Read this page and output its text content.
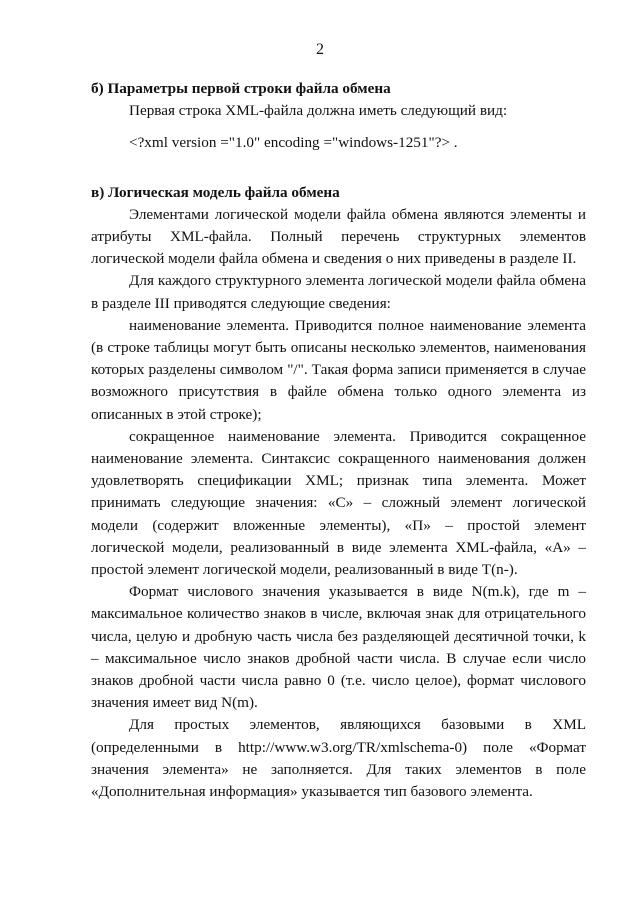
2

б) Параметры первой строки файла обмена

Первая строка XML-файла должна иметь следующий вид:

<?xml version ="1.0" encoding ="windows-1251"?> .

в) Логическая модель файла обмена

Элементами логической модели файла обмена являются элементы и атрибуты XML-файла. Полный перечень структурных элементов логической модели файла обмена и сведения о них приведены в разделе II.

Для каждого структурного элемента логической модели файла обмена в разделе III приводятся следующие сведения:

наименование элемента. Приводится полное наименование элемента (в строке таблицы могут быть описаны несколько элементов, наименования которых разделены символом "/". Такая форма записи применяется в случае возможного присутствия в файле обмена только одного элемента из описанных в этой строке);

сокращенное наименование элемента. Приводится сокращенное наименование элемента. Синтаксис сокращенного наименования должен удовлетворять спецификации XML; признак типа элемента. Может принимать следующие значения: «С» – сложный элемент логической модели (содержит вложенные элементы), «П» – простой элемент логической модели, реализованный в виде элемента XML-файла, «А» – простой элемент логической модели, реализованный в виде T(n-).

Формат числового значения указывается в виде N(m.k), где m – максимальное количество знаков в числе, включая знак для отрицательного числа, целую и дробную часть числа без разделяющей десятичной точки, k – максимальное число знаков дробной части числа. В случае если число знаков дробной части числа равно 0 (т.е. число целое), формат числового значения имеет вид N(m).

Для простых элементов, являющихся базовыми в XML (определенными в http://www.w3.org/TR/xmlschema-0) поле «Формат значения элемента» не заполняется. Для таких элементов в поле «Дополнительная информация» указывается тип базового элемента.
